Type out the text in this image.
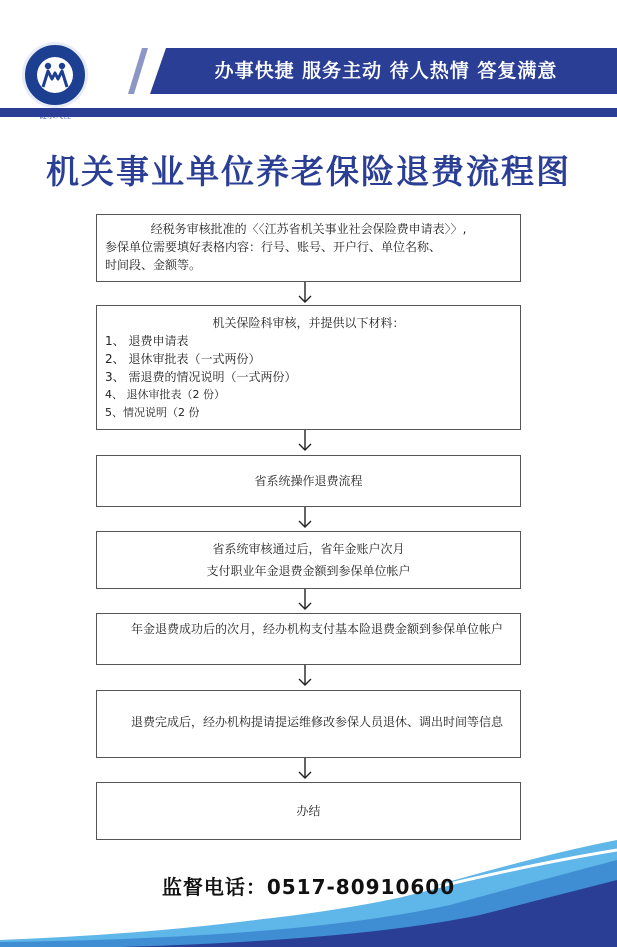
办事快捷 服务主动 待人热情 答复满意
机关事业单位养老保险退费流程图
经税务审核批准的〈〈江苏省机关事业社会保险费申请表〉〉,
参保单位需要填好表格内容：行号、账号、开户行、单位名称、
时间段、金额等。
机关保险科审核，并提供以下材料：
1、 退费申请表
2、 退休审批表（一式两份）
3、 需退费的情况说明（一式两份）
4、 退休审批表（2 份）
5、情况说明（2 份
省系统操作退费流程
省系统审核通过后，省年金账户次月
支付职业年金退费金额到参保单位帐户
年金退费成功后的次月，经办机构支付基本险退费金额到参保单位帐户
退费完成后，经办机构提请提运维修改参保人员退休、调出时间等信息
办结
监督电话：0517-80910600
